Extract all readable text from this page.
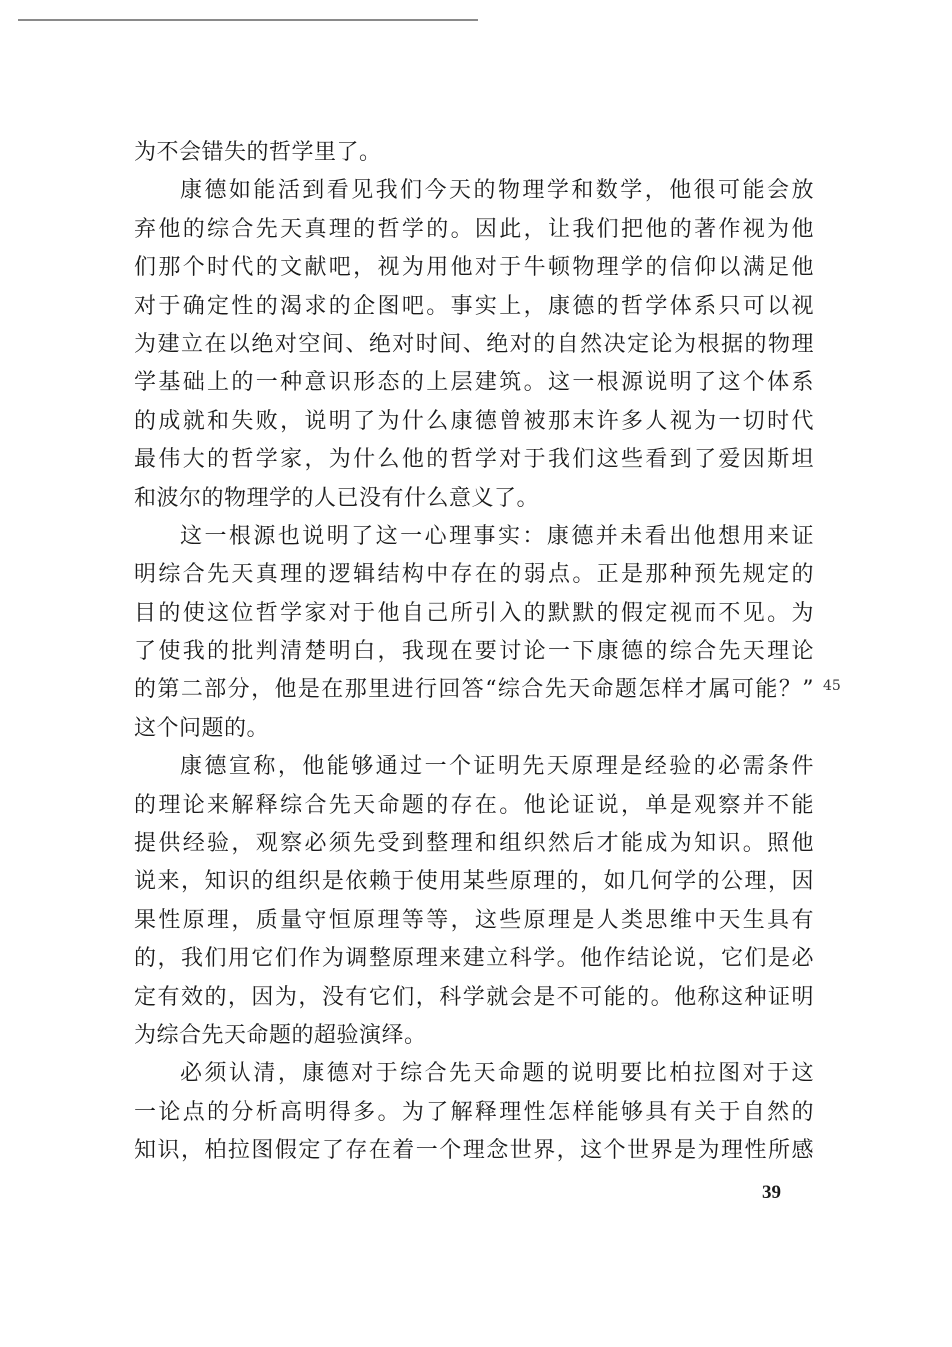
为不会错失的哲学里了。
康德如能活到看见我们今天的物理学和数学，他很可能会放
弃他的综合先天真理的哲学的。因此，让我们把他的著作视为他
们那个时代的文献吧，视为用他对于牛顿物理学的信仰以满足他
对于确定性的渴求的企图吧。事实上，康德的哲学体系只可以视
为建立在以绝对空间、绝对时间、绝对的自然决定论为根据的物理
学基础上的一种意识形态的上层建筑。这一根源说明了这个体系
的成就和失败，说明了为什么康德曾被那末许多人视为一切时代
最伟大的哲学家，为什么他的哲学对于我们这些看到了爱因斯坦
和波尔的物理学的人已没有什么意义了。
这一根源也说明了这一心理事实：康德并未看出他想用来证
明综合先天真理的逻辑结构中存在的弱点。正是那种预先规定的
目的使这位哲学家对于他自己所引入的默默的假定视而不见。为
了使我的批判清楚明白，我现在要讨论一下康德的综合先天理论
的第二部分，他是在那里进行回答“综合先天命题怎样才属可能？”
这个问题的。
康德宣称，他能够通过一个证明先天原理是经验的必需条件
的理论来解释综合先天命题的存在。他论证说，单是观察并不能
提供经验，观察必须先受到整理和组织然后才能成为知识。照他
说来，知识的组织是依赖于使用某些原理的，如几何学的公理，因
果性原理，质量守恒原理等等，这些原理是人类思维中天生具有
的，我们用它们作为调整原理来建立科学。他作结论说，它们是必
定有效的，因为，没有它们，科学就会是不可能的。他称这种证明
为综合先天命题的超验演绎。
必须认清，康德对于综合先天命题的说明要比柏拉图对于这
一论点的分析高明得多。为了解释理性怎样能够具有关于自然的
知识，柏拉图假定了存在着一个理念世界，这个世界是为理性所感
45
39
